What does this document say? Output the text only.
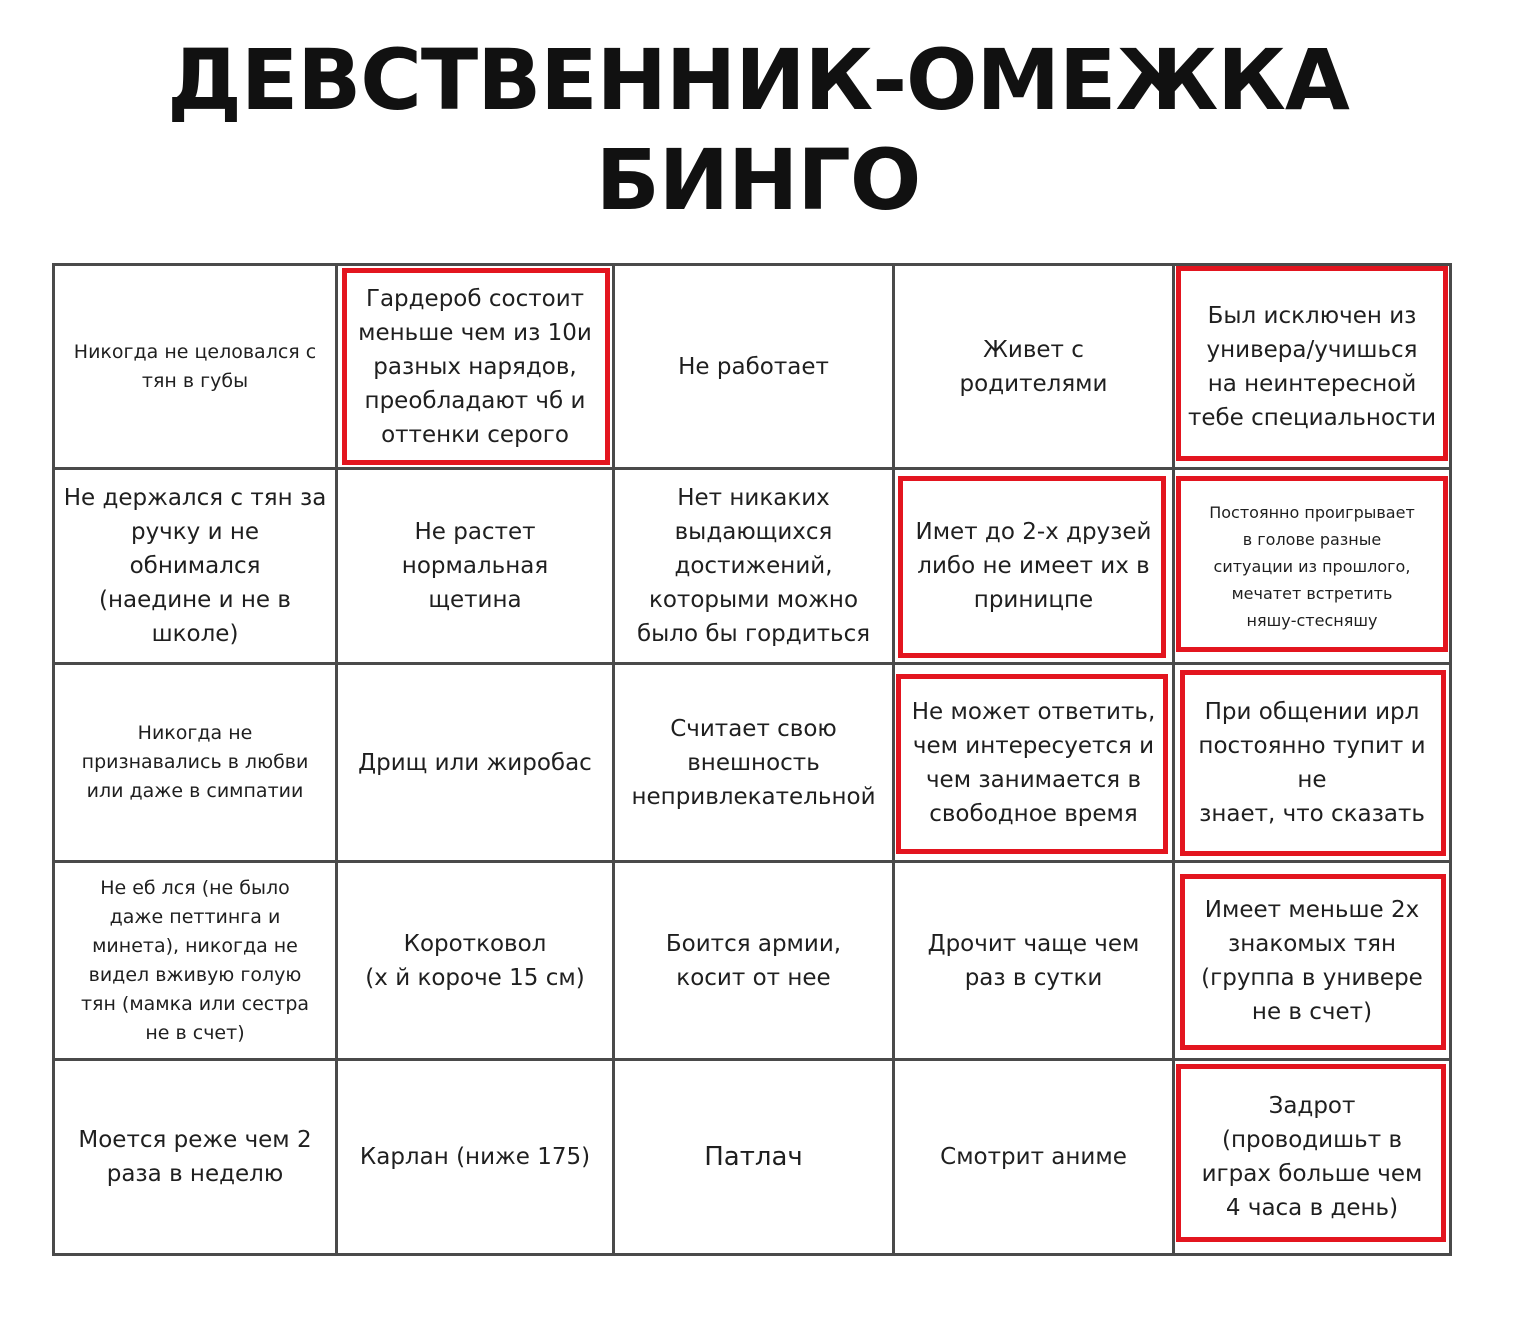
ДЕВСТВЕННИК-ОМЕЖКА БИНГО
Никогда не целовался с
тян в губы
Гардероб состоит
меньше чем из 10и
разных нарядов,
преобладают чб и
оттенки серого
Не работает
Живет с
родителями
Был исключен из
универа/учишься
на неинтересной
тебе специальности
Не держался с тян за
ручку и не обнимался
(наедине и не в
школе)
Не растет
нормальная
щетина
Нет никаких
выдающихся
достижений,
которыми можно
было бы гордиться
Имет до 2-х друзей
либо не имеет их в
приницпе
Постоянно проигрывает
в голове разные
ситуации из прошлого,
мечатет встретить
няшу-стесняшу
Никогда не
признавались в любви
или даже в симпатии
Дрищ или жиробас
Считает свою
внешность
непривлекательной
Не может ответить,
чем интересуется и
чем занимается в
свободное время
При общении ирл
постоянно тупит и не
знает, что сказать
Не еб лся (не было
даже петтинга и
минета), никогда не
видел вживую голую
тян (мамка или сестра
не в счет)
Коротковол
(х й короче 15 см)
Боится армии,
косит от нее
Дрочит чаще чем
раз в сутки
Имеет меньше 2х
знакомых тян
(группа в универе
не в счет)
Моется реже чем 2
раза в неделю
Карлан (ниже 175)	Патлач	Смотрит аниме
Задрот
(проводишьт в
играх больше чем
4 часа в день)
